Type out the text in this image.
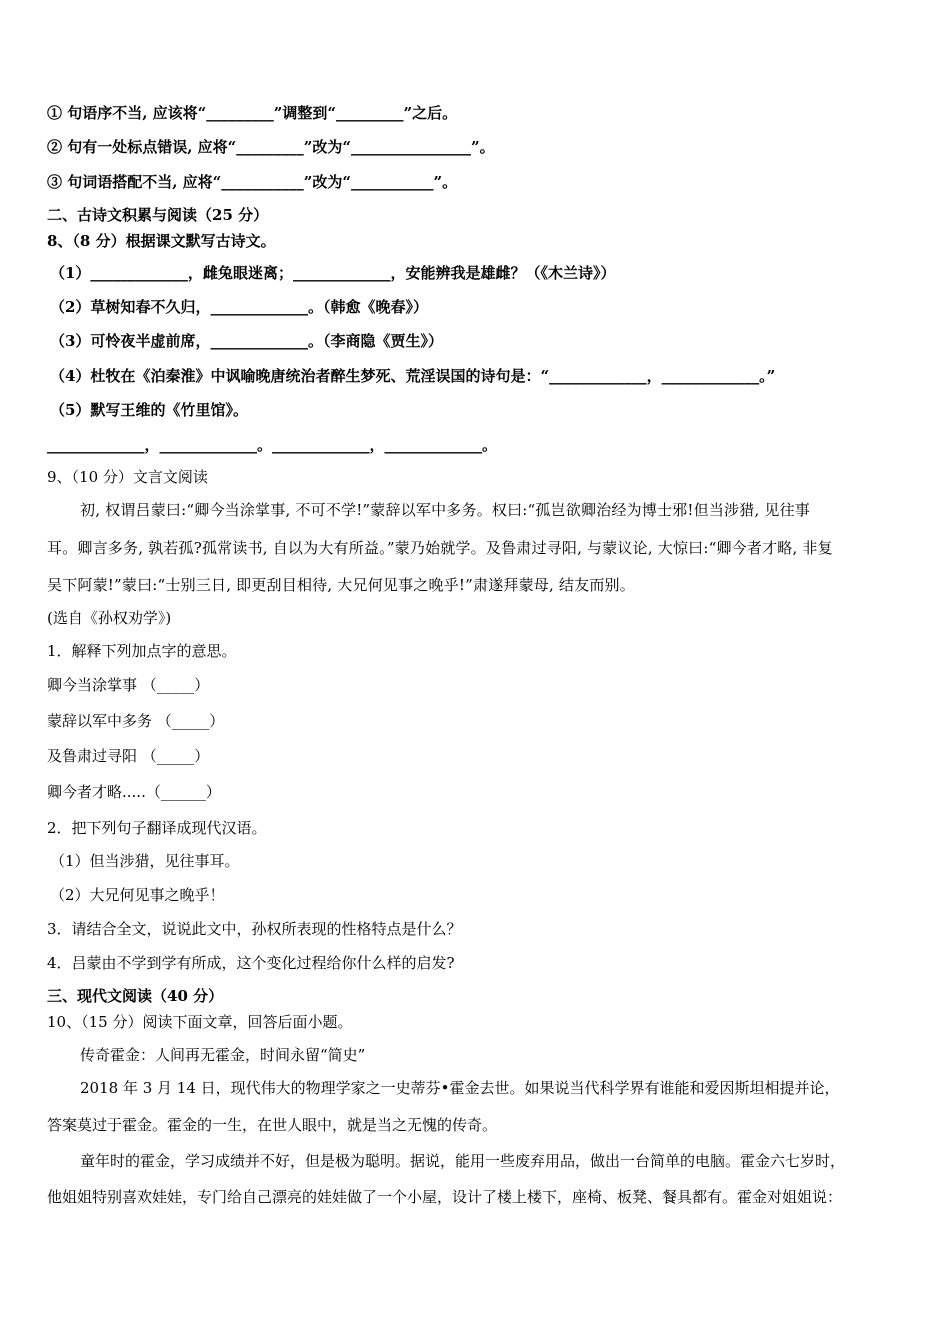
① 句语序不当, 应该将“_________”调整到“_________”之后。
② 句有一处标点错误, 应将“_________”改为“________________”。
③ 句词语搭配不当, 应将“___________”改为“___________”。
二、古诗文积累与阅读（25 分）
8、（8 分）根据课文默写古诗文。
（1）_____________，雌兔眼迷离；_____________，安能辨我是雄雌？（《木兰诗》）
（2）草树知春不久归，_____________。（韩愈《晚春》）
（3）可怜夜半虚前席，_____________。（李商隐《贾生》）
（4）杜牧在《泊秦淮》中讽喻晚唐统治者醉生梦死、荒淫误国的诗句是：“_____________，_____________。”
（5）默写王维的《竹里馆》。
_____________，_____________。_____________，_____________。
9、（10 分）文言文阅读
初, 权谓吕蒙曰:“卿今当涂掌事, 不可不学!”蒙辞以军中多务。权曰:“孤岂欲卿治经为博士邪!但当涉猎, 见往事
耳。卿言多务, 孰若孤?孤常读书, 自以为大有所益。”蒙乃始就学。及鲁肃过寻阳, 与蒙议论, 大惊曰:“卿今者才略, 非复
吴下阿蒙!”蒙曰:“士别三日, 即更刮目相待, 大兄何见事之晚乎!”肃遂拜蒙母, 结友而别。
(选自《孙权劝学》)
1．解释下列加点字的意思。
卿今当涂掌事 （_____）
蒙辞以军中多务 （_____）
及鲁肃过寻阳 （_____）
卿今者才略.....（______）
2．把下列句子翻译成现代汉语。
（1）但当涉猎，见往事耳。
（2）大兄何见事之晚乎！
3．请结合全文，说说此文中，孙权所表现的性格特点是什么？
4．吕蒙由不学到学有所成，这个变化过程给你什么样的启发?
三、现代文阅读（40 分）
10、（15 分）阅读下面文章，回答后面小题。
传奇霍金：人间再无霍金，时间永留“简史”
2018 年 3 月 14 日，现代伟大的物理学家之一史蒂芬•霍金去世。如果说当代科学界有谁能和爱因斯坦相提并论，
答案莫过于霍金。霍金的一生，在世人眼中，就是当之无愧的传奇。
童年时的霍金，学习成绩并不好，但是极为聪明。据说，能用一些废弃用品，做出一台简单的电脑。霍金六七岁时，
他姐姐特别喜欢娃娃，专门给自己漂亮的娃娃做了一个小屋，设计了楼上楼下，座椅、板凳、餐具都有。霍金对姐姐说：
